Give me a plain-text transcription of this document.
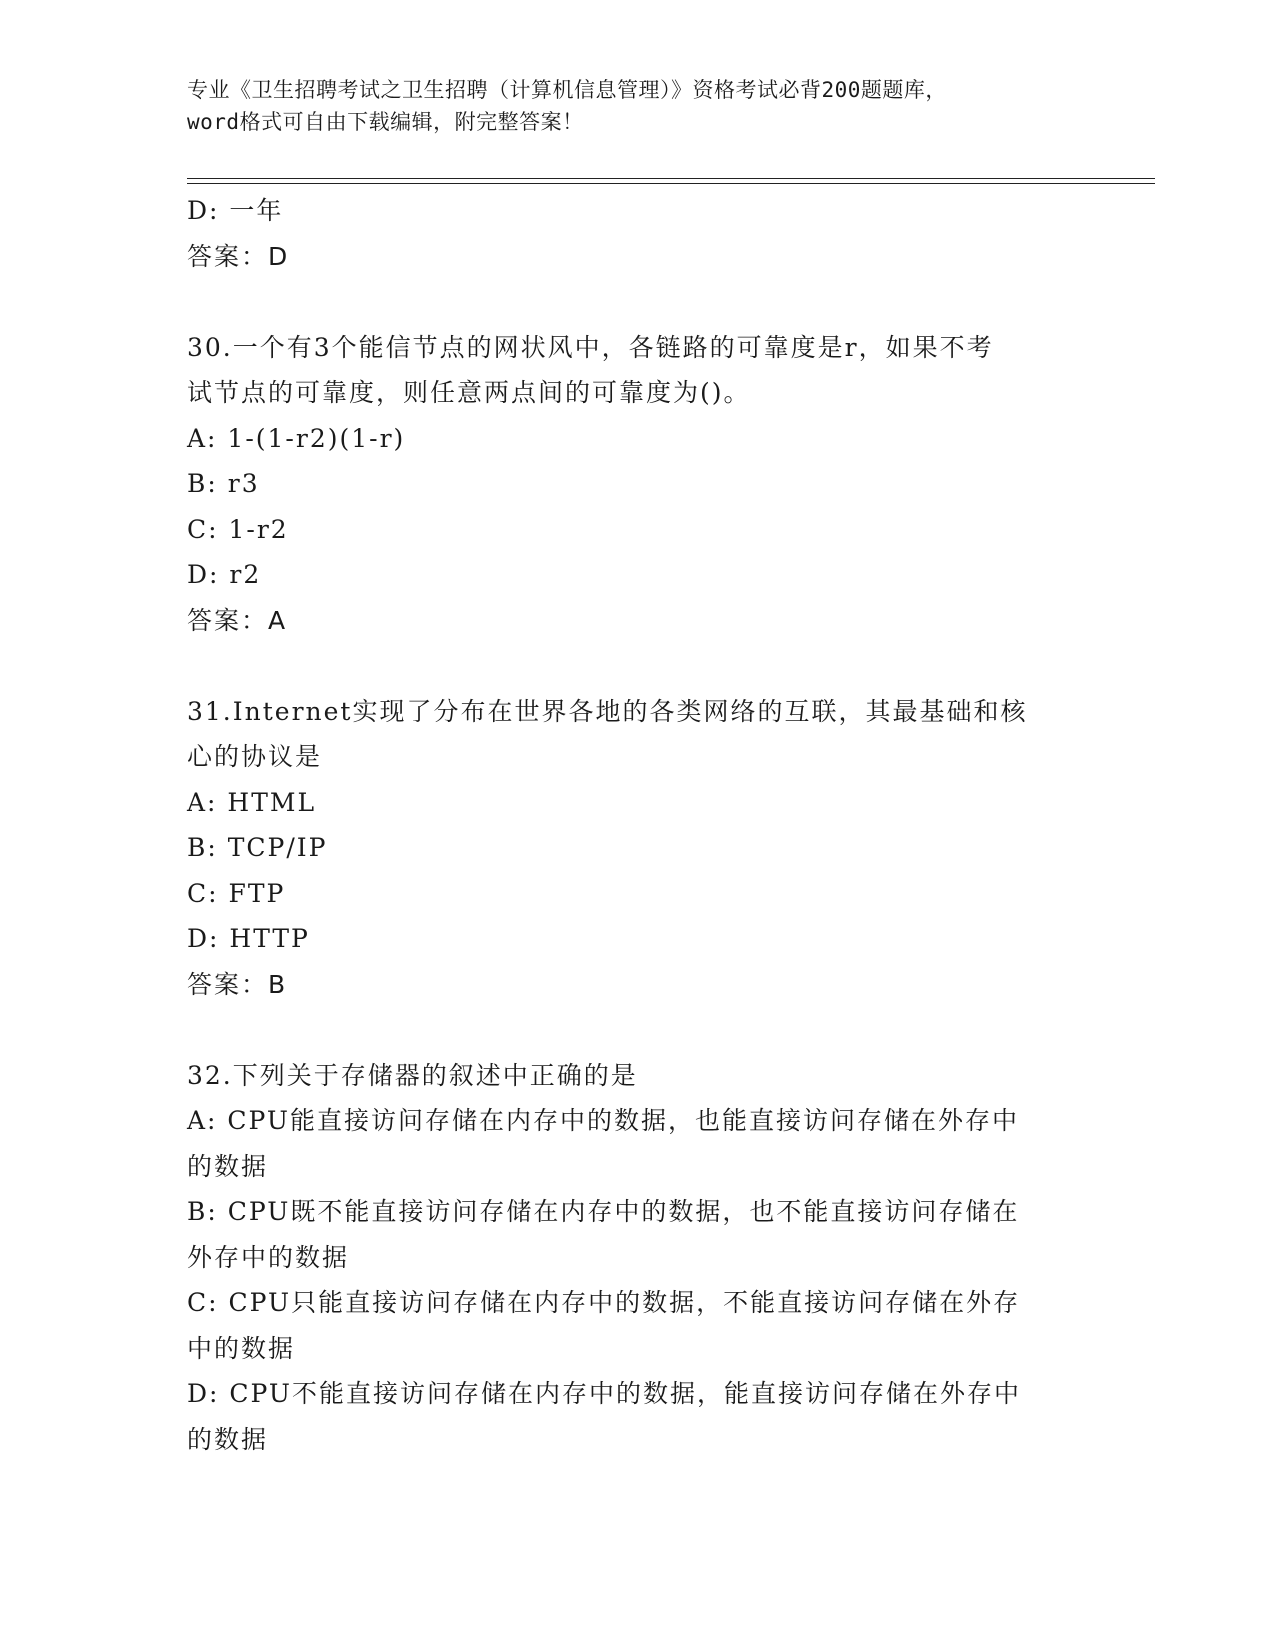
专业《卫生招聘考试之卫生招聘（计算机信息管理）》资格考试必背200题题库，
word格式可自由下载编辑，附完整答案！
D: 一年
答案：D
30.一个有3个能信节点的网状风中，各链路的可靠度是r，如果不考
试节点的可靠度，则任意两点间的可靠度为()。
A: 1-(1-r2)(1-r)
B: r3
C: 1-r2
D: r2
答案：A
31.Internet实现了分布在世界各地的各类网络的互联，其最基础和核
心的协议是
A: HTML
B: TCP/IP
C: FTP
D: HTTP
答案：B
32.下列关于存储器的叙述中正确的是
A: CPU能直接访问存储在内存中的数据，也能直接访问存储在外存中
的数据
B: CPU既不能直接访问存储在内存中的数据，也不能直接访问存储在
外存中的数据
C: CPU只能直接访问存储在内存中的数据，不能直接访问存储在外存
中的数据
D: CPU不能直接访问存储在内存中的数据，能直接访问存储在外存中
的数据
